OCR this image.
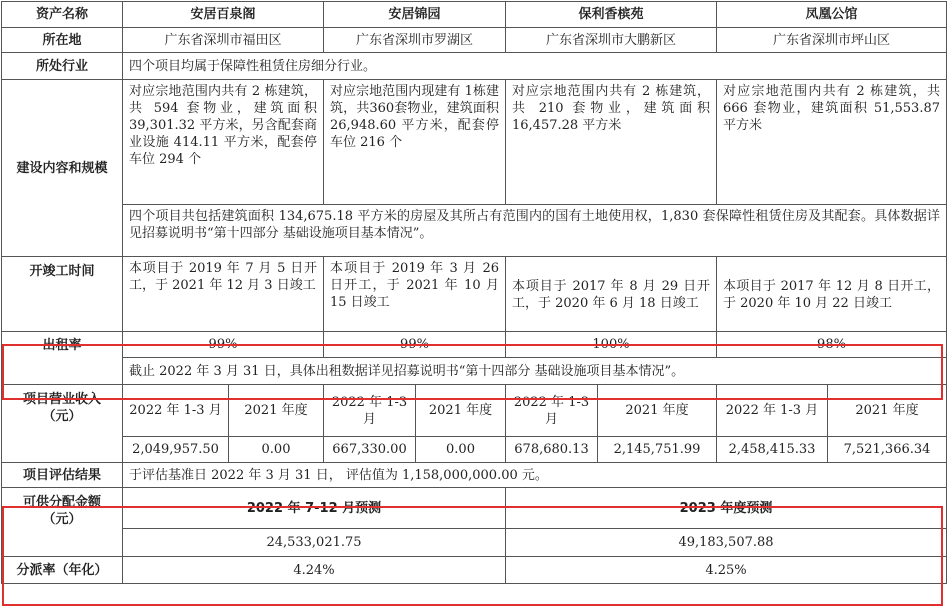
资产名称	安居百泉阁		安居锦园		保利香槟苑		凤凰公馆	
所在地	广东省深圳市福田区		广东省深圳市罗湖区		广东省深圳市大鹏新区		广东省深圳市坪山区	
所处行业	四个项目均属于保障性租赁住房细分行业。							
建设内容和规模	对应宗地范围内共有 2 栋建筑，共 594 套物业，建筑面积 39,301.32 平方米，另含配套商业设施 414.11 平方米，配套停车位 294 个		对应宗地范围内现建有 1栋建筑，共360套物业，建筑面积 26,948.60 平方米，配套停车位 216 个		对应宗地范围内共有 2 栋建筑，共 210 套物业，建筑面积 16,457.28 平方米		对应宗地范围内共有 2 栋建筑，共 666 套物业，建筑面积 51,553.87 平方米	
	四个项目共包括建筑面积 134,675.18 平方米的房屋及其所占有范围内的国有土地使用权，1,830 套保障性租赁住房及其配套。具体数据详见招募说明书“第十四部分 基础设施项目基本情况”。							
开竣工时间	本项目于 2019 年 7 月 5 日开工，于 2021 年 12 月 3 日竣工		本项目于 2019 年 3 月 26 日开工，于 2021 年 10 月 15 日竣工		本项目于 2017 年 8 月 29 日开工，于 2020 年 6 月 18 日竣工		本项目于 2017 年 12 月 8 日开工，于 2020 年 10 月 22 日竣工	
出租率	99%		99%		100%		98%	
	截止 2022 年 3 月 31 日，具体出租数据详见招募说明书“第十四部分 基础设施项目基本情况”。							
项目营业收入（元）	2022 年 1-3 月	2021 年度	2022 年 1-3 月	2021 年度	2022 年 1-3 月	2021 年度	2022 年 1-3 月	2021 年度
	2,049,957.50	0.00	667,330.00	0.00	678,680.13	2,145,751.99	2,458,415.33	7,521,366.34
项目评估结果	于评估基准日 2022 年 3 月 31 日， 评估值为 1,158,000,000.00 元。							
可供分配金额（元）	2022 年 7-12 月预测				2023 年度预测			
	24,533,021.75				49,183,507.88			
分派率（年化）	4.24%				4.25%			
